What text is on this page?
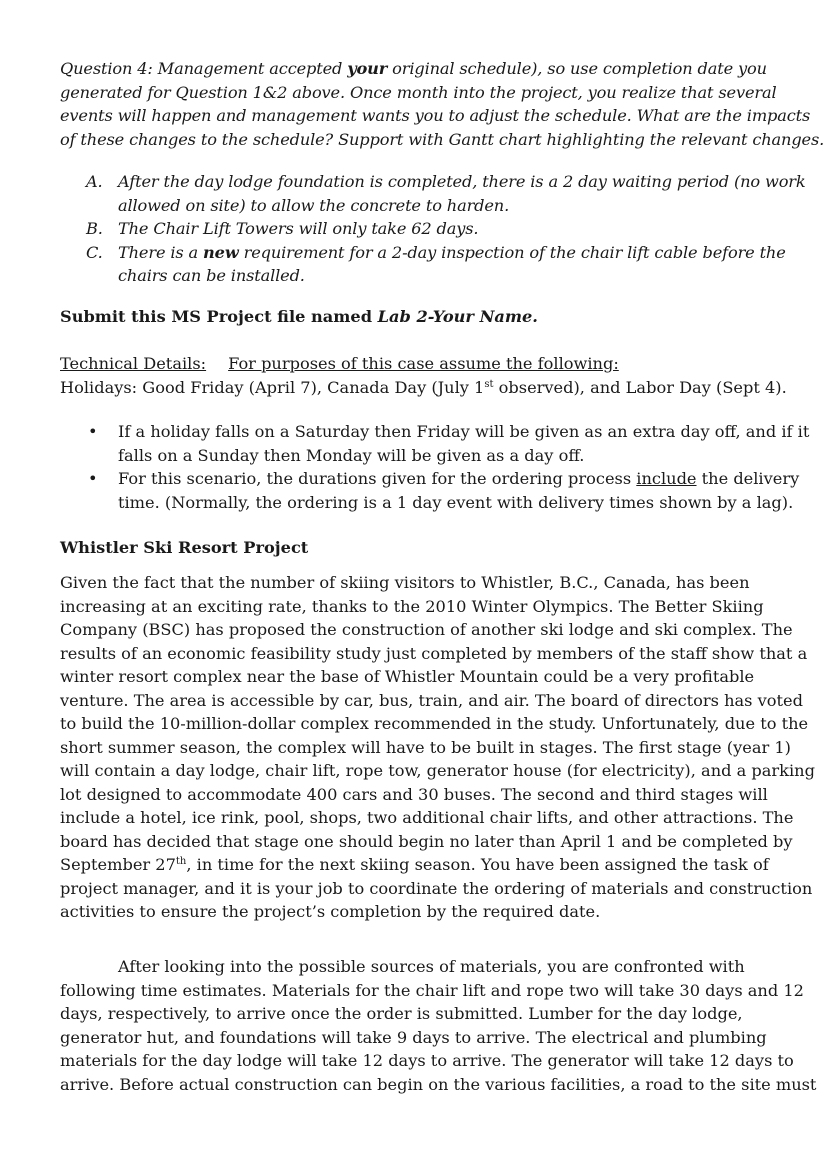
Question 4: Management accepted your original schedule), so use completion date you generated for Question 1&2 above. Once month into the project, you realize that several events will happen and management wants you to adjust the schedule. What are the impacts of these changes to the schedule? Support with Gantt chart highlighting the relevant changes.
A. After the day lodge foundation is completed, there is a 2 day waiting period (no work allowed on site) to allow the concrete to harden.
B. The Chair Lift Towers will only take 62 days.
C. There is a new requirement for a 2-day inspection of the chair lift cable before the chairs can be installed.
Submit this MS Project file named Lab 2-Your Name.
Technical Details: For purposes of this case assume the following:
Holidays: Good Friday (April 7), Canada Day (July 1st observed), and Labor Day (Sept 4).
• If a holiday falls on a Saturday then Friday will be given as an extra day off, and if it falls on a Sunday then Monday will be given as a day off.
• For this scenario, the durations given for the ordering process include the delivery time. (Normally, the ordering is a 1 day event with delivery times shown by a lag).
Whistler Ski Resort Project
Given the fact that the number of skiing visitors to Whistler, B.C., Canada, has been increasing at an exciting rate, thanks to the 2010 Winter Olympics. The Better Skiing Company (BSC) has proposed the construction of another ski lodge and ski complex. The results of an economic feasibility study just completed by members of the staff show that a winter resort complex near the base of Whistler Mountain could be a very profitable venture. The area is accessible by car, bus, train, and air. The board of directors has voted to build the 10-million-dollar complex recommended in the study. Unfortunately, due to the short summer season, the complex will have to be built in stages. The first stage (year 1) will contain a day lodge, chair lift, rope tow, generator house (for electricity), and a parking lot designed to accommodate 400 cars and 30 buses. The second and third stages will include a hotel, ice rink, pool, shops, two additional chair lifts, and other attractions. The board has decided that stage one should begin no later than April 1 and be completed by September 27th, in time for the next skiing season. You have been assigned the task of project manager, and it is your job to coordinate the ordering of materials and construction activities to ensure the project’s completion by the required date.
After looking into the possible sources of materials, you are confronted with following time estimates. Materials for the chair lift and rope two will take 30 days and 12 days, respectively, to arrive once the order is submitted. Lumber for the day lodge, generator hut, and foundations will take 9 days to arrive. The electrical and plumbing materials for the day lodge will take 12 days to arrive. The generator will take 12 days to arrive. Before actual construction can begin on the various facilities, a road to the site must
